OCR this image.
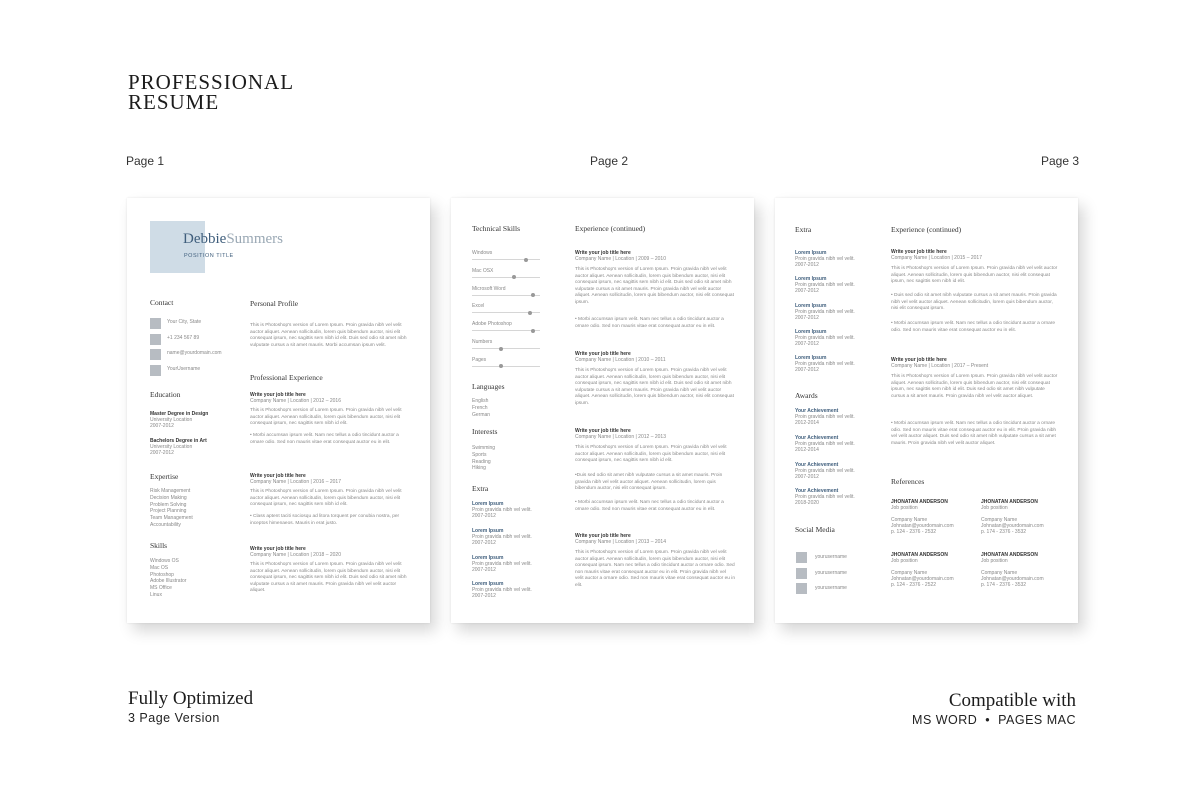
PROFESSIONAL
RESUME
Page 1	Page 2	Page 3
DebbieSummers
POSITION TITLE
Contact
Your City, State
+1 234 567 89
name@yourdomain.com
YourUsername
Education
Master Degree in Design
University Location
2007-2012
Bachelors Degree in Art
University Location
2007-2012
Expertise
Risk Management
Decision Making
Problem Solving
Project Planning
Team Management
Accountability
Skills
Windows OS
Mac OS
Photoshop
Adobe Illustrator
MS Office
Linux
Personal Profile
This is Photoshop's version of Lorem Ipsum. Proin gravida nibh vel velit auctor aliquet. Aenean sollicitudin, lorem quis bibendum auctor, nisi elit consequat ipsum, nec sagittis sem nibh id elit. Duis sed odio sit amet nibh vulputate cursus a sit amet mauris. Morbi accumsan ipsum velit.
Professional Experience
Write your job title here
Company Name | Location | 2012 – 2016
This is Photoshop's version of Lorem Ipsum. Proin gravida nibh vel velit auctor aliquet. Aenean sollicitudin, lorem quis bibendum auctor, nisi elit consequat ipsum, nec sagittis sem nibh id elit.
• Morbi accumsan ipsum velit. Nam nec tellus a odio tincidunt auctor a ornare odio. Sed non mauris vitae erat consequat auctor eu in elit.
Write your job title here
Company Name | Location | 2016 – 2017
This is Photoshop's version of Lorem Ipsum. Proin gravida nibh vel velit auctor aliquet. Aenean sollicitudin, lorem quis bibendum auctor, nisi elit consequat ipsum, nec sagittis sem nibh id elit.
• Class aptent taciti sociosqu ad litora torquent per conubia nostra, per inceptos himenaeos. Mauris in erat justo.
Write your job title here
Company Name | Location | 2018 – 2020
This is Photoshop's version of Lorem Ipsum. Proin gravida nibh vel velit auctor aliquet. Aenean sollicitudin, lorem quis bibendum auctor, nisi elit consequat ipsum, nec sagittis sem nibh id elit. Duis sed odio sit amet nibh vulputate cursus a sit amet mauris. Proin gravida nibh vel velit auctor aliquet.
Technical Skills
Windows
Mac OSX
Microsoft Word
Excel
Adobe Photoshop
Numbers
Pages
Languages
English
French
German
Interests
Swimming
Sports
Reading
Hiking
Extra
Lorem Ipsum
Proin gravida nibh vel velit.
2007-2012
Lorem Ipsum
Proin gravida nibh vel velit.
2007-2012
Lorem Ipsum
Proin gravida nibh vel velit.
2007-2012
Lorem Ipsum
Proin gravida nibh vel velit.
2007-2012
Experience (continued)
Write your job title here
Company Name | Location | 2009 – 2010
This is Photoshop's version of Lorem Ipsum. Proin gravida nibh vel velit auctor aliquet. Aenean sollicitudin, lorem quis bibendum auctor, nisi elit consequat ipsum, nec sagittis sem nibh id elit. Duis sed odio sit amet nibh vulputate cursus a sit amet mauris. Proin gravida nibh vel velit auctor aliquet. Aenean sollicitudin, lorem quis bibendum auctor, nisi elit consequat ipsum.
• Morbi accumsan ipsum velit. Nam nec tellus a odio tincidunt auctor a ornare odio. Sed non mauris vitae erat consequat auctor eu in elit.
Write your job title here
Company Name | Location | 2010 – 2011
This is Photoshop's version of Lorem Ipsum. Proin gravida nibh vel velit auctor aliquet. Aenean sollicitudin, lorem quis bibendum auctor, nisi elit consequat ipsum, nec sagittis sem nibh id elit. Duis sed odio sit amet nibh vulputate cursus a sit amet mauris. Proin gravida nibh vel velit auctor aliquet. Aenean sollicitudin, lorem quis bibendum auctor, nisi elit consequat ipsum.
Write your job title here
Company Name | Location | 2012 – 2013
This is Photoshop's version of Lorem Ipsum. Proin gravida nibh vel velit auctor aliquet. Aenean sollicitudin, lorem quis bibendum auctor, nisi elit consequat ipsum, nec sagittis sem nibh id elit.
•Duis sed odio sit amet nibh vulputate cursus a sit amet mauris. Proin gravida nibh vel velit auctor aliquet. Aenean sollicitudin, lorem quis bibendum auctor, nisi elit consequat ipsum.
• Morbi accumsan ipsum velit. Nam nec tellus a odio tincidunt auctor a ornare odio. Sed non mauris vitae erat consequat auctor eu in elit.
Write your job title here
Company Name | Location | 2013 – 2014
This is Photoshop's version of Lorem Ipsum. Proin gravida nibh vel velit auctor aliquet. Aenean sollicitudin, lorem quis bibendum auctor, nisi elit consequat ipsum. Nam nec tellus a odio tincidunt auctor a ornare odio. Sed non mauris vitae erat consequat auctor eu in elit. Proin gravida nibh vel velit auctor a ornare odio. Sed non mauris vitae erat consequat auctor eu in elit.
Extra
Lorem Ipsum
Proin gravida nibh vel velit.
2007-2012
Lorem Ipsum
Proin gravida nibh vel velit.
2007-2012
Lorem Ipsum
Proin gravida nibh vel velit.
2007-2012
Lorem Ipsum
Proin gravida nibh vel velit.
2007-2012
Lorem Ipsum
Proin gravida nibh vel velit.
2007-2012
Awards
Your Achievement
Proin gravida nibh vel velit.
2012-2014
Your Achievement
Proin gravida nibh vel velit.
2012-2014
Your Achievement
Proin gravida nibh vel velit.
2007-2012
Your Achievement
Proin gravida nibh vel velit.
2018-2020
Social Media
yourusername
yourusername
yourusername
Experience (continued)
Write your job title here
Company Name | Location | 2015 – 2017
This is Photoshop's version of Lorem Ipsum. Proin gravida nibh vel velit auctor aliquet. Aenean sollicitudin, lorem quis bibendum auctor, nisi elit consequat ipsum, nec sagittis sem nibh id elit.
• Duis sed odio sit amet nibh vulputate cursus a sit amet mauris. Proin gravida nibh vel velit auctor aliquet. Aenean sollicitudin, lorem quis bibendum auctor, nisi elit consequat ipsum.
• Morbi accumsan ipsum velit. Nam nec tellus a odio tincidunt auctor a ornare odio. Sed non mauris vitae erat consequat auctor eu in elit.
Write your job title here
Company Name | Location | 2017 – Present
This is Photoshop's version of Lorem Ipsum. Proin gravida nibh vel velit auctor aliquet. Aenean sollicitudin, lorem quis bibendum auctor, nisi elit consequat ipsum, nec sagittis sem nibh id elit. Duis sed odio sit amet nibh vulputate cursus a sit amet mauris. Proin gravida nibh vel velit auctor aliquet.
• Morbi accumsan ipsum velit. Nam nec tellus a odio tincidunt auctor a ornare odio. Sed non mauris vitae erat consequat auctor eu in elit. Proin gravida nibh vel velit auctor aliquet. Duis sed odio sit amet nibh vulputate cursus a sit amet mauris. Proin gravida nibh vel velit auctor aliquet.
References
JHONATAN ANDERSON
Job position
Company Name
Johnatan@yourdomain.com
p. 124 - 2376 - 2532
JHONATAN ANDERSON
Job position
Company Name
Johnatan@yourdomain.com
p. 174 - 2376 - 3532
JHONATAN ANDERSON
Job position
Company Name
Johnatan@yourdomain.com
p. 124 - 2376 - 2522
JHONATAN ANDERSON
Job position
Company Name
Johnatan@yourdomain.com
p. 174 - 2376 - 3532
Fully Optimized
3 Page Version
Compatible with
MS WORD  •  PAGES MAC
